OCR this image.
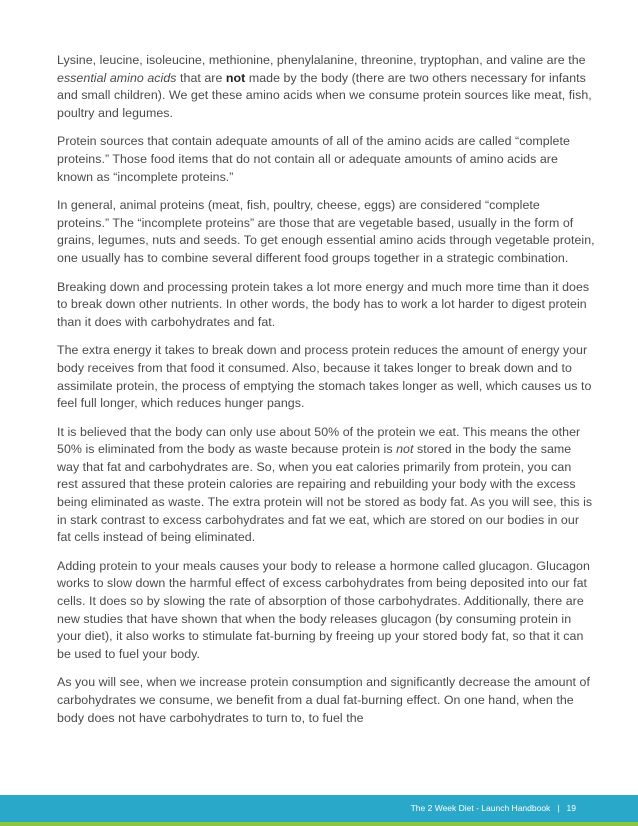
Lysine, leucine, isoleucine, methionine, phenylalanine, threonine, tryptophan, and valine are the essential amino acids that are not made by the body (there are two others necessary for infants and small children). We get these amino acids when we consume protein sources like meat, fish, poultry and legumes.

Protein sources that contain adequate amounts of all of the amino acids are called “complete proteins.” Those food items that do not contain all or adequate amounts of amino acids are known as “incomplete proteins.”

In general, animal proteins (meat, fish, poultry, cheese, eggs) are considered “complete proteins.” The “incomplete proteins” are those that are vegetable based, usually in the form of grains, legumes, nuts and seeds. To get enough essential amino acids through vegetable protein, one usually has to combine several different food groups together in a strategic combination.

Breaking down and processing protein takes a lot more energy and much more time than it does to break down other nutrients. In other words, the body has to work a lot harder to digest protein than it does with carbohydrates and fat.

The extra energy it takes to break down and process protein reduces the amount of energy your body receives from that food it consumed. Also, because it takes longer to break down and to assimilate protein, the process of emptying the stomach takes longer as well, which causes us to feel full longer, which reduces hunger pangs.

It is believed that the body can only use about 50% of the protein we eat. This means the other 50% is eliminated from the body as waste because protein is not stored in the body the same way that fat and carbohydrates are. So, when you eat calories primarily from protein, you can rest assured that these protein calories are repairing and rebuilding your body with the excess being eliminated as waste. The extra protein will not be stored as body fat. As you will see, this is in stark contrast to excess carbohydrates and fat we eat, which are stored on our bodies in our fat cells instead of being eliminated.

Adding protein to your meals causes your body to release a hormone called glucagon. Glucagon works to slow down the harmful effect of excess carbohydrates from being deposited into our fat cells. It does so by slowing the rate of absorption of those carbohydrates. Additionally, there are new studies that have shown that when the body releases glucagon (by consuming protein in your diet), it also works to stimulate fat-burning by freeing up your stored body fat, so that it can be used to fuel your body.

As you will see, when we increase protein consumption and significantly decrease the amount of carbohydrates we consume, we benefit from a dual fat-burning effect. On one hand, when the body does not have carbohydrates to turn to, to fuel the

The 2 Week Diet - Launch Handbook | 19
